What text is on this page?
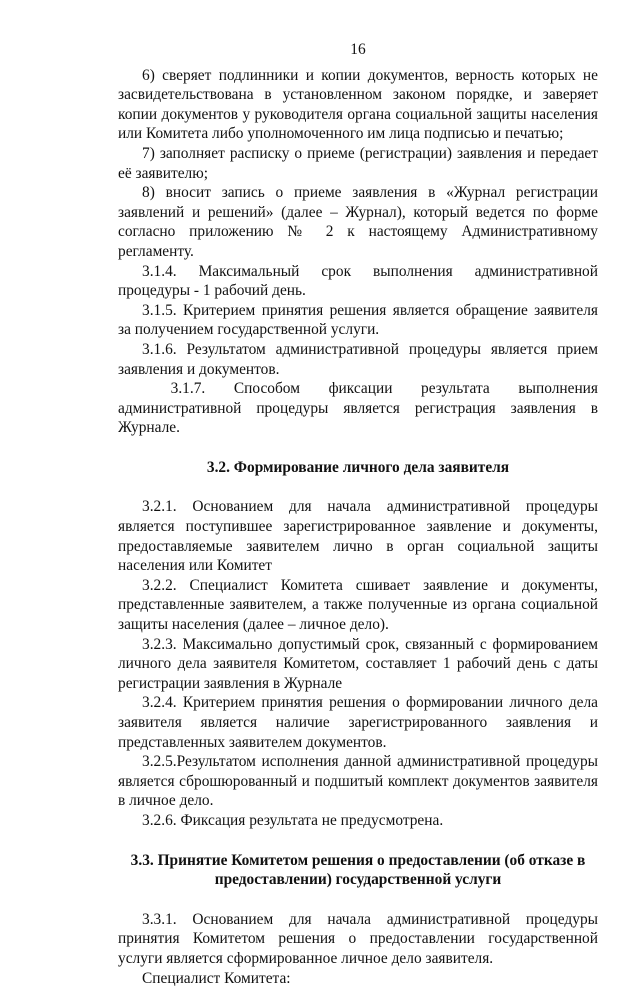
16

6) сверяет подлинники и копии документов, верность которых не засвидетельствована в установленном законом порядке, и заверяет копии документов у руководителя органа социальной защиты населения или Комитета либо уполномоченного им лица подписью и печатью;

7) заполняет расписку о приеме (регистрации) заявления и передает её заявителю;

8) вносит запись о приеме заявления в «Журнал регистрации заявлений и решений» (далее – Журнал), который ведется по форме согласно приложению № 2 к настоящему Административному регламенту.

3.1.4. Максимальный срок выполнения административной процедуры - 1 рабочий день.

3.1.5. Критерием принятия решения является обращение заявителя за получением государственной услуги.

3.1.6. Результатом административной процедуры является прием заявления и документов.

3.1.7. Способом фиксации результата выполнения административной процедуры является регистрация заявления в Журнале.

3.2. Формирование личного дела заявителя

3.2.1. Основанием для начала административной процедуры является поступившее зарегистрированное заявление и документы, предоставляемые заявителем лично в орган социальной защиты населения или Комитет

3.2.2. Специалист Комитета сшивает заявление и документы, представленные заявителем, а также полученные из органа социальной защиты населения (далее – личное дело).

3.2.3. Максимально допустимый срок, связанный с формированием личного дела заявителя Комитетом, составляет 1 рабочий день с даты регистрации заявления в Журнале

3.2.4. Критерием принятия решения о формировании личного дела заявителя является наличие зарегистрированного заявления и представленных заявителем документов.

3.2.5.Результатом исполнения данной административной процедуры является сброшюрованный и подшитый комплект документов заявителя в личное дело.

3.2.6. Фиксация результата не предусмотрена.

3.3. Принятие Комитетом решения о предоставлении (об отказе в

предоставлении) государственной услуги

3.3.1. Основанием для начала административной процедуры принятия Комитетом решения о предоставлении государственной услуги является сформированное личное дело заявителя.

Специалист Комитета:
